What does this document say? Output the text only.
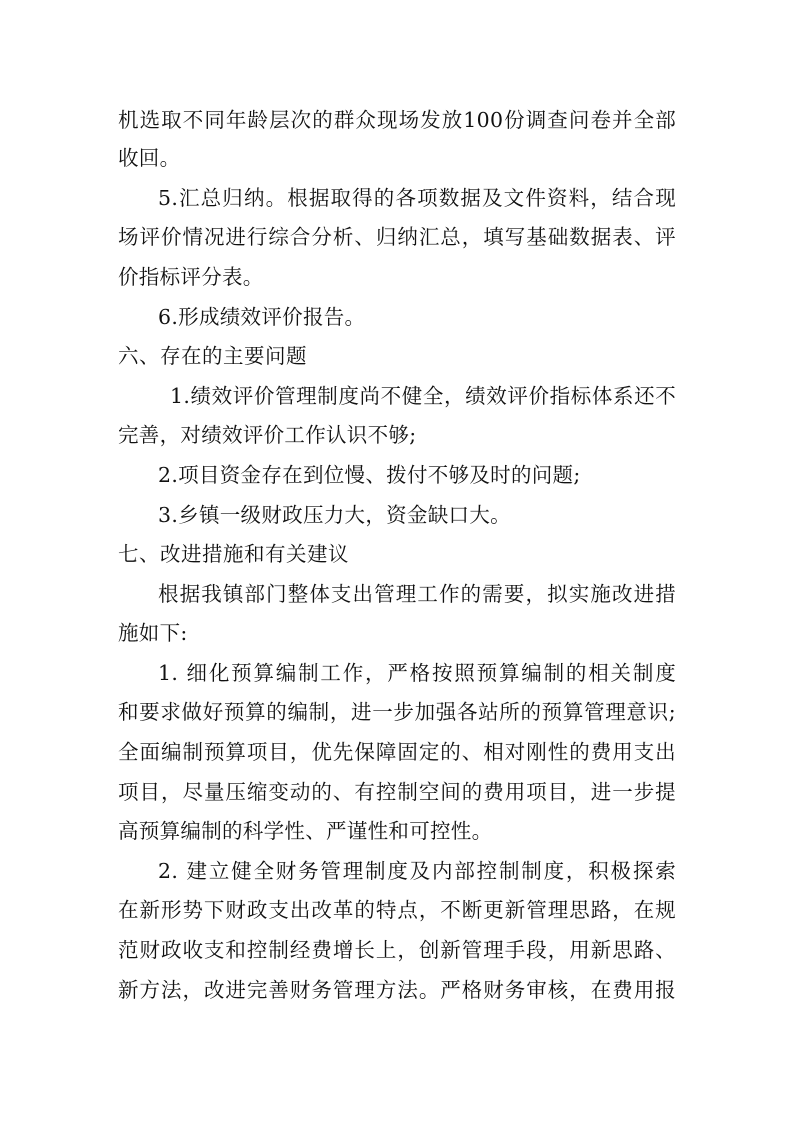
机选取不同年龄层次的群众现场发放100份调查问卷并全部
收回。
5.汇总归纳。根据取得的各项数据及文件资料，结合现
场评价情况进行综合分析、归纳汇总，填写基础数据表、评
价指标评分表。
6.形成绩效评价报告。
六、存在的主要问题
1.绩效评价管理制度尚不健全，绩效评价指标体系还不
完善，对绩效评价工作认识不够;
2.项目资金存在到位慢、拨付不够及时的问题;
3.乡镇一级财政压力大，资金缺口大。
七、改进措施和有关建议
根据我镇部门整体支出管理工作的需要，拟实施改进措
施如下:
1. 细化预算编制工作，严格按照预算编制的相关制度
和要求做好预算的编制，进一步加强各站所的预算管理意识;
全面编制预算项目，优先保障固定的、相对刚性的费用支出
项目，尽量压缩变动的、有控制空间的费用项目，进一步提
高预算编制的科学性、严谨性和可控性。
2. 建立健全财务管理制度及内部控制制度，积极探索
在新形势下财政支出改革的特点，不断更新管理思路，在规
范财政收支和控制经费增长上，创新管理手段，用新思路、
新方法，改进完善财务管理方法。严格财务审核，在费用报
